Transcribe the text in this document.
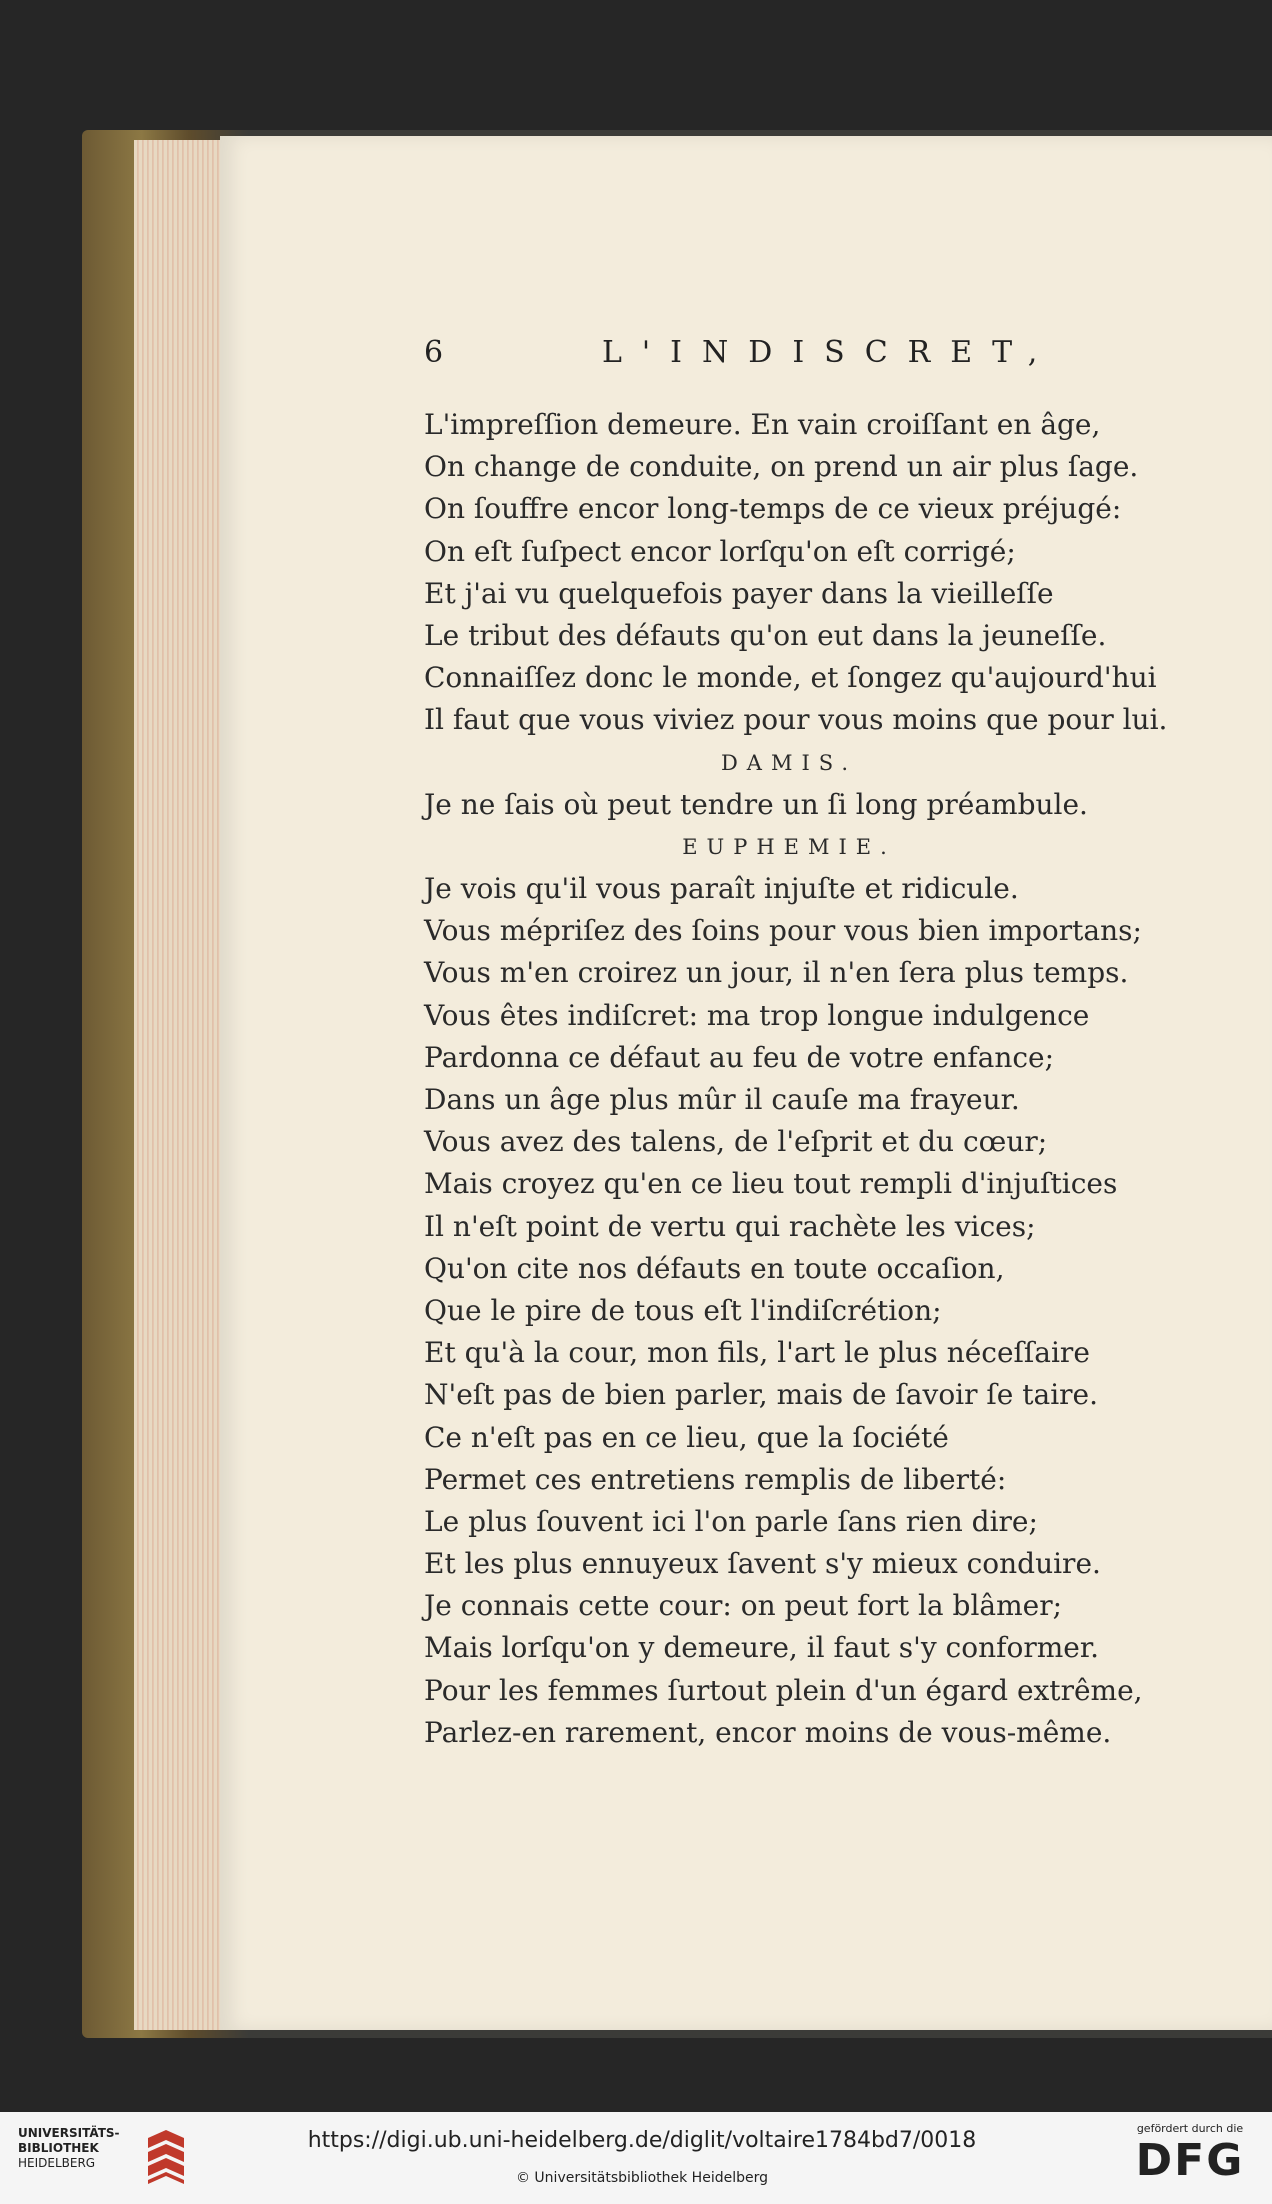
6	L'INDISCRET,
L'impreſſion demeure. En vain croiſſant en âge,
On change de conduite, on prend un air plus ſage.
On ſouffre encor long-temps de ce vieux préjugé:
On eſt ſuſpect encor lorſqu'on eſt corrigé;
Et j'ai vu quelquefois payer dans la vieilleſſe
Le tribut des défauts qu'on eut dans la jeuneſſe.
Connaiſſez donc le monde, et ſongez qu'aujourd'hui
Il faut que vous viviez pour vous moins que pour lui.
DAMIS.
Je ne ſais où peut tendre un ſi long préambule.
EUPHEMIE.
Je vois qu'il vous paraît injuſte et ridicule.
Vous mépriſez des ſoins pour vous bien importans;
Vous m'en croirez un jour, il n'en ſera plus temps.
Vous êtes indiſcret: ma trop longue indulgence
Pardonna ce défaut au feu de votre enfance;
Dans un âge plus mûr il cauſe ma frayeur.
Vous avez des talens, de l'eſprit et du cœur;
Mais croyez qu'en ce lieu tout rempli d'injuſtices
Il n'eſt point de vertu qui rachète les vices;
Qu'on cite nos défauts en toute occaſion,
Que le pire de tous eſt l'indiſcrétion;
Et qu'à la cour, mon fils, l'art le plus néceſſaire
N'eſt pas de bien parler, mais de ſavoir ſe taire.
Ce n'eſt pas en ce lieu, que la ſociété
Permet ces entretiens remplis de liberté:
Le plus ſouvent ici l'on parle ſans rien dire;
Et les plus ennuyeux ſavent s'y mieux conduire.
Je connais cette cour: on peut fort la blâmer;
Mais lorſqu'on y demeure, il faut s'y conformer.
Pour les femmes ſurtout plein d'un égard extrême,
Parlez-en rarement, encor moins de vous-même.
UNIVERSITÄTS-
BIBLIOTHEK
HEIDELBERG
https://digi.ub.uni-heidelberg.de/diglit/voltaire1784bd7/0018
© Universitätsbibliothek Heidelberg
gefördert durch die
DFG
